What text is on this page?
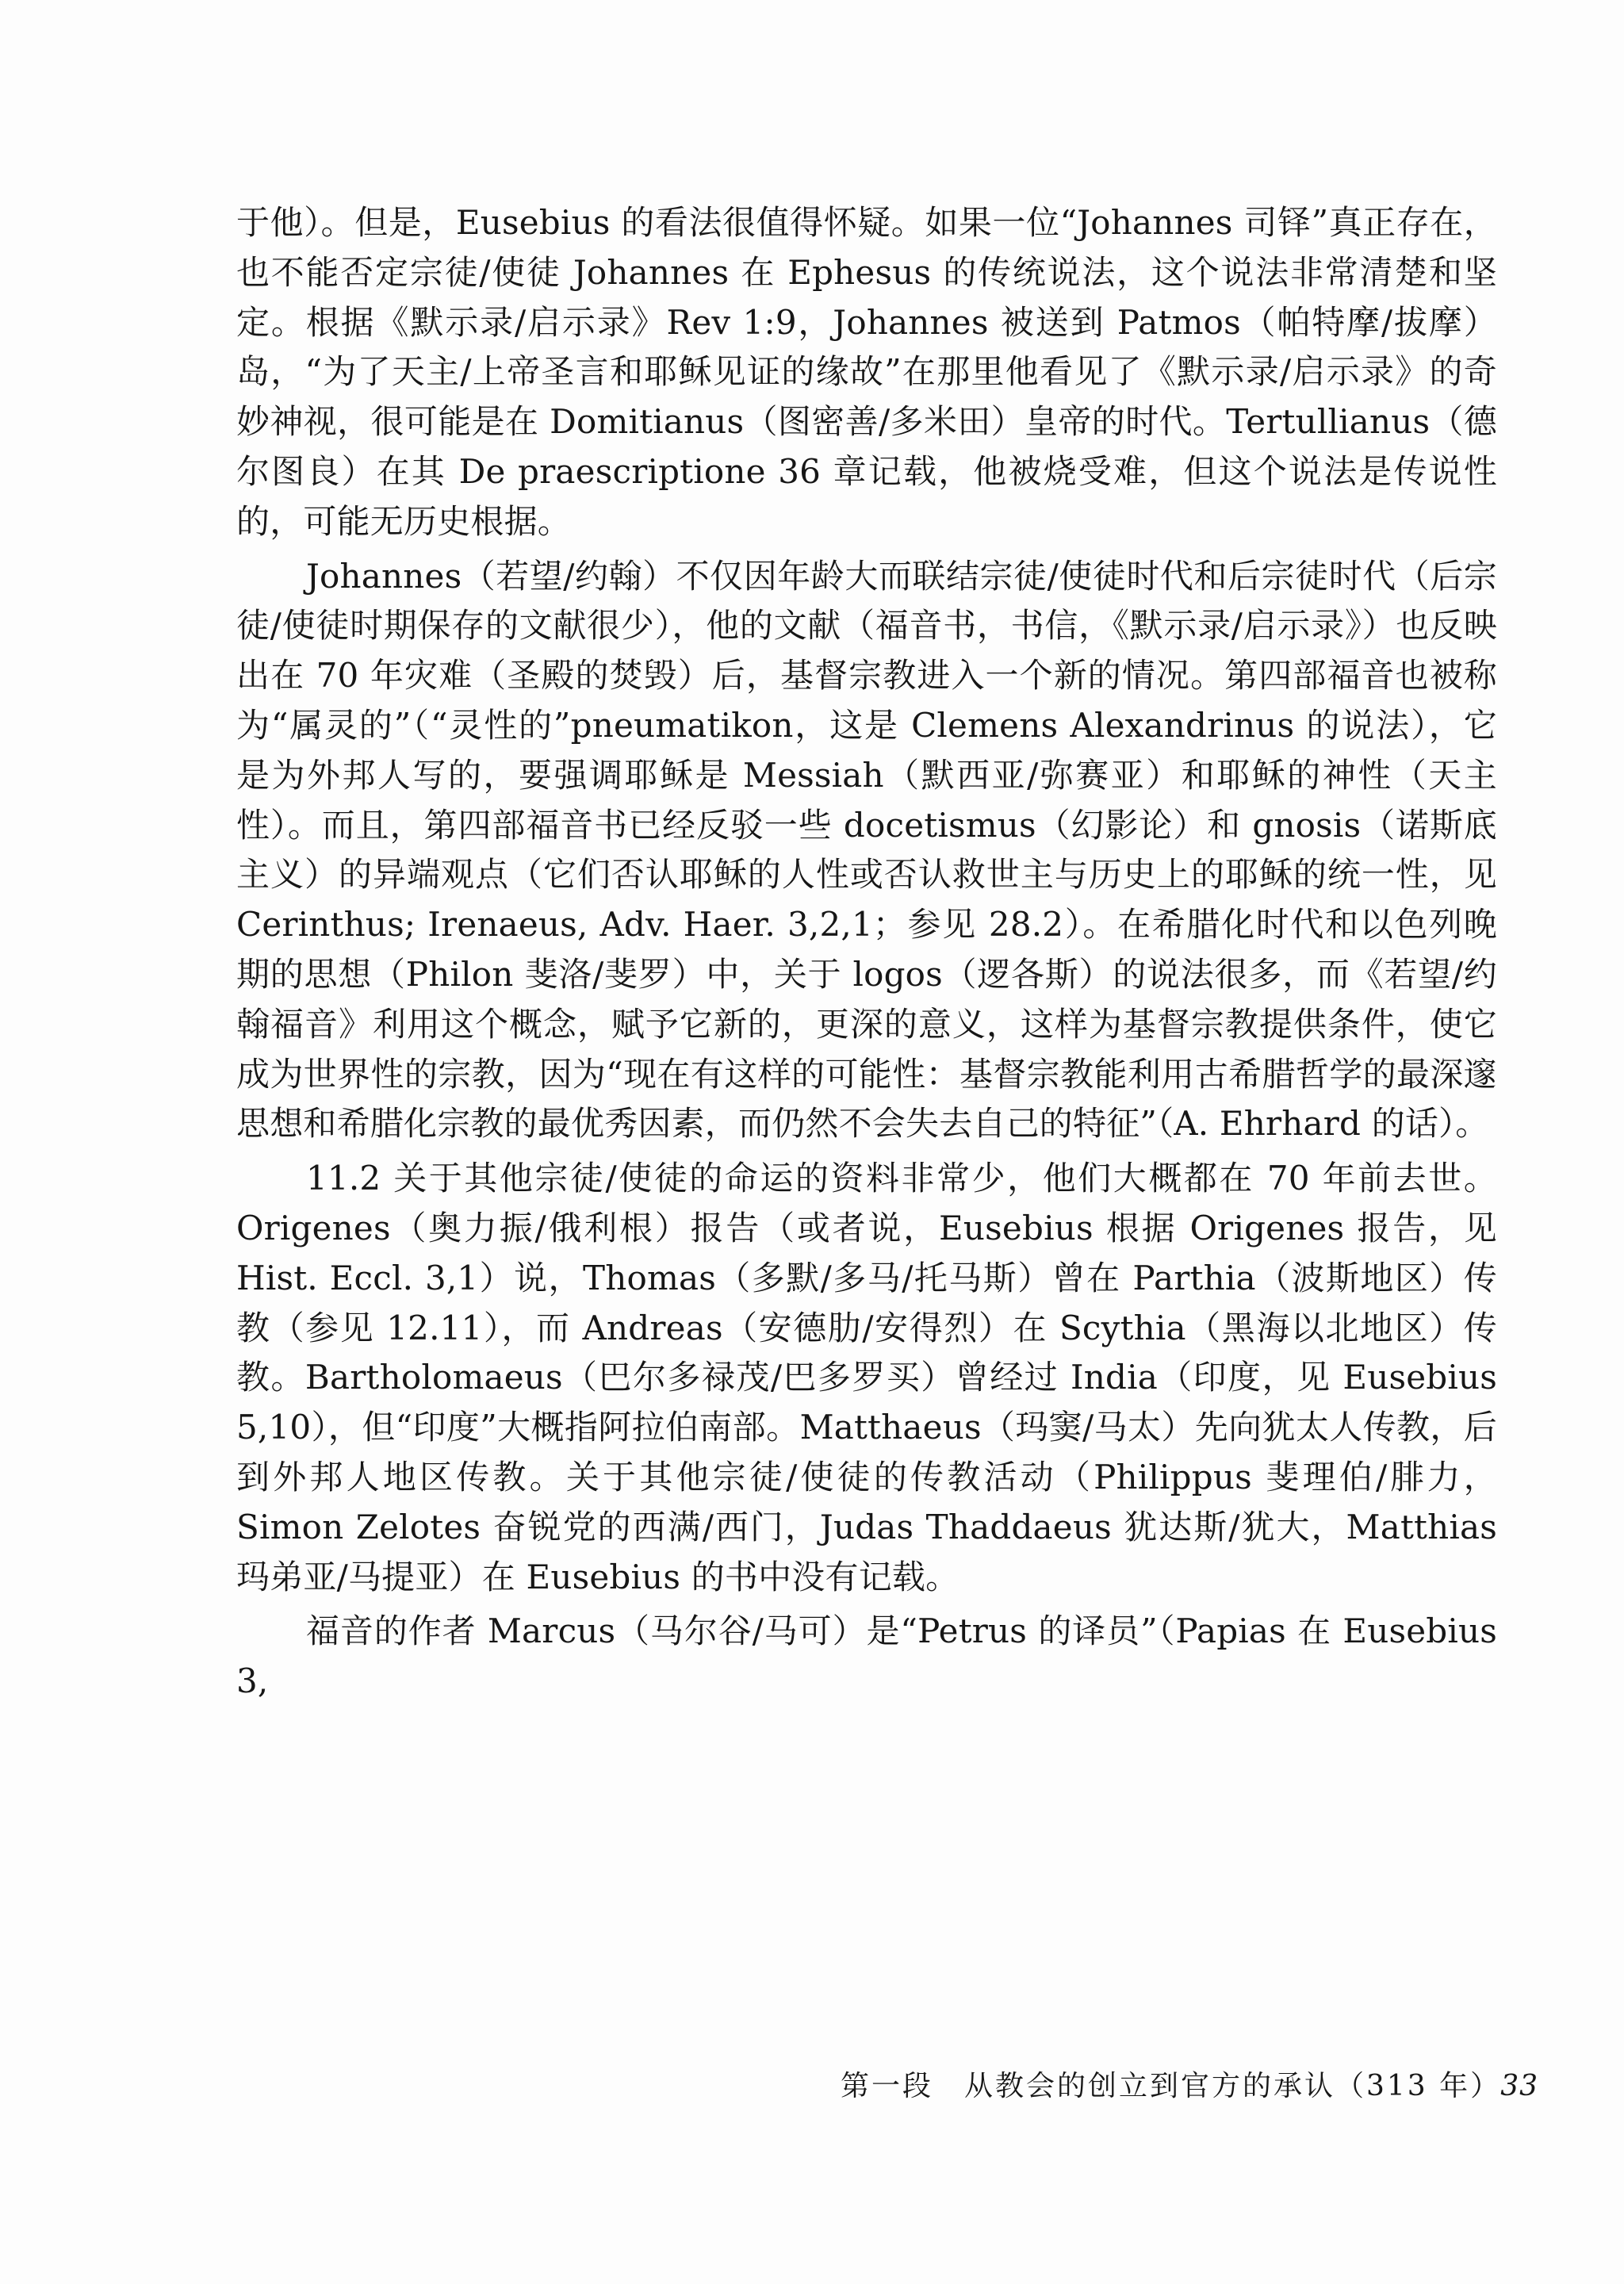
于他）。但是，Eusebius 的看法很值得怀疑。如果一位“Johannes 司铎”真正存在，也不能否定宗徒/使徒 Johannes 在 Ephesus 的传统说法，这个说法非常清楚和坚定。根据《默示录/启示录》Rev 1:9，Johannes 被送到 Patmos（帕特摩/拔摩）岛，“为了天主/上帝圣言和耶稣见证的缘故”在那里他看见了《默示录/启示录》的奇妙神视，很可能是在 Domitianus（图密善/多米田）皇帝的时代。Tertullianus（德尔图良）在其 De praescriptione 36 章记载，他被烧受难，但这个说法是传说性的，可能无历史根据。

Johannes（若望/约翰）不仅因年龄大而联结宗徒/使徒时代和后宗徒时代（后宗徒/使徒时期保存的文献很少），他的文献（福音书，书信，《默示录/启示录》）也反映出在 70 年灾难（圣殿的焚毁）后，基督宗教进入一个新的情况。第四部福音也被称为“属灵的”（“灵性的”pneumatikon，这是 Clemens Alexandrinus 的说法），它是为外邦人写的，要强调耶稣是 Messiah（默西亚/弥赛亚）和耶稣的神性（天主性）。而且，第四部福音书已经反驳一些 docetismus（幻影论）和 gnosis（诺斯底主义）的异端观点（它们否认耶稣的人性或否认救世主与历史上的耶稣的统一性，见 Cerinthus; Irenaeus, Adv. Haer. 3,2,1；参见 28.2）。在希腊化时代和以色列晚期的思想（Philon 斐洛/斐罗）中，关于 logos（逻各斯）的说法很多，而《若望/约翰福音》利用这个概念，赋予它新的，更深的意义，这样为基督宗教提供条件，使它成为世界性的宗教，因为“现在有这样的可能性：基督宗教能利用古希腊哲学的最深邃思想和希腊化宗教的最优秀因素，而仍然不会失去自己的特征”（A. Ehrhard 的话）。

11.2 关于其他宗徒/使徒的命运的资料非常少，他们大概都在 70 年前去世。Origenes（奥力振/俄利根）报告（或者说，Eusebius 根据 Origenes 报告，见 Hist. Eccl. 3,1）说，Thomas（多默/多马/托马斯）曾在 Parthia（波斯地区）传教（参见 12.11），而 Andreas（安德肋/安得烈）在 Scythia（黑海以北地区）传教。Bartholomaeus（巴尔多禄茂/巴多罗买）曾经过 India（印度，见 Eusebius 5,10），但“印度”大概指阿拉伯南部。Matthaeus（玛窦/马太）先向犹太人传教，后到外邦人地区传教。关于其他宗徒/使徒的传教活动（Philippus 斐理伯/腓力，Simon Zelotes 奋锐党的西满/西门，Judas Thaddaeus 犹达斯/犹大，Matthias 玛弟亚/马提亚）在 Eusebius 的书中没有记载。

福音的作者 Marcus（马尔谷/马可）是“Petrus 的译员”（Papias 在 Eusebius 3,

第一段　从教会的创立到官方的承认（313 年） 33
